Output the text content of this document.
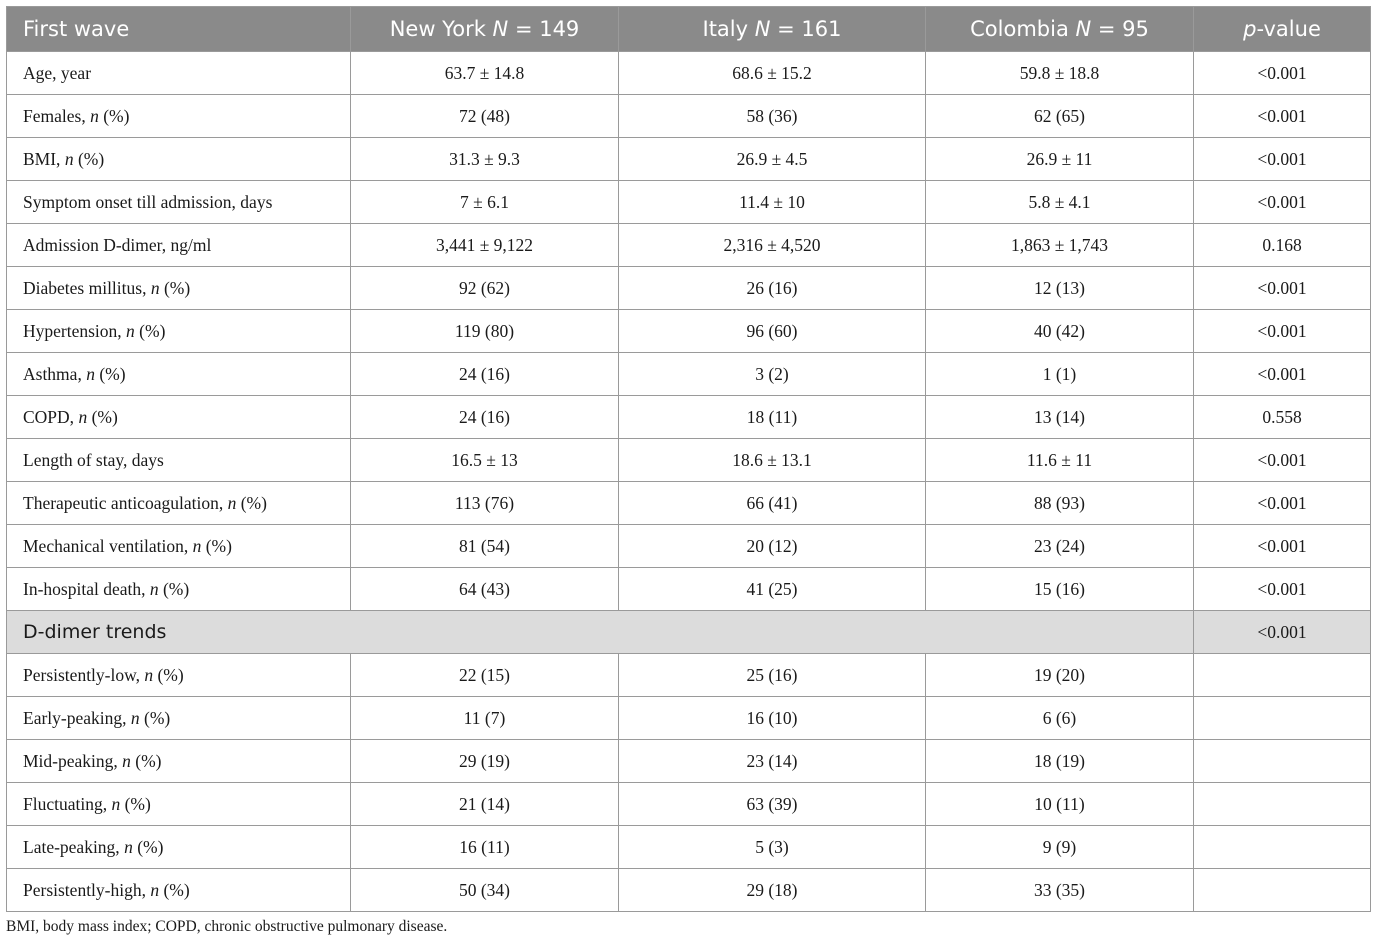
First wave	New York N = 149	Italy N = 161	Colombia N = 95	p-value
Age, year	63.7 ± 14.8	68.6 ± 15.2	59.8 ± 18.8	<0.001
Females, n (%)	72 (48)	58 (36)	62 (65)	<0.001
BMI, n (%)	31.3 ± 9.3	26.9 ± 4.5	26.9 ± 11	<0.001
Symptom onset till admission, days	7 ± 6.1	11.4 ± 10	5.8 ± 4.1	<0.001
Admission D-dimer, ng/ml	3,441 ± 9,122	2,316 ± 4,520	1,863 ± 1,743	0.168
Diabetes millitus, n (%)	92 (62)	26 (16)	12 (13)	<0.001
Hypertension, n (%)	119 (80)	96 (60)	40 (42)	<0.001
Asthma, n (%)	24 (16)	3 (2)	1 (1)	<0.001
COPD, n (%)	24 (16)	18 (11)	13 (14)	0.558
Length of stay, days	16.5 ± 13	18.6 ± 13.1	11.6 ± 11	<0.001
Therapeutic anticoagulation, n (%)	113 (76)	66 (41)	88 (93)	<0.001
Mechanical ventilation, n (%)	81 (54)	20 (12)	23 (24)	<0.001
In-hospital death, n (%)	64 (43)	41 (25)	15 (16)	<0.001
D-dimer trends				<0.001
Persistently-low, n (%)	22 (15)	25 (16)	19 (20)	
Early-peaking, n (%)	11 (7)	16 (10)	6 (6)	
Mid-peaking, n (%)	29 (19)	23 (14)	18 (19)	
Fluctuating, n (%)	21 (14)	63 (39)	10 (11)	
Late-peaking, n (%)	16 (11)	5 (3)	9 (9)	
Persistently-high, n (%)	50 (34)	29 (18)	33 (35)	
BMI, body mass index; COPD, chronic obstructive pulmonary disease.
